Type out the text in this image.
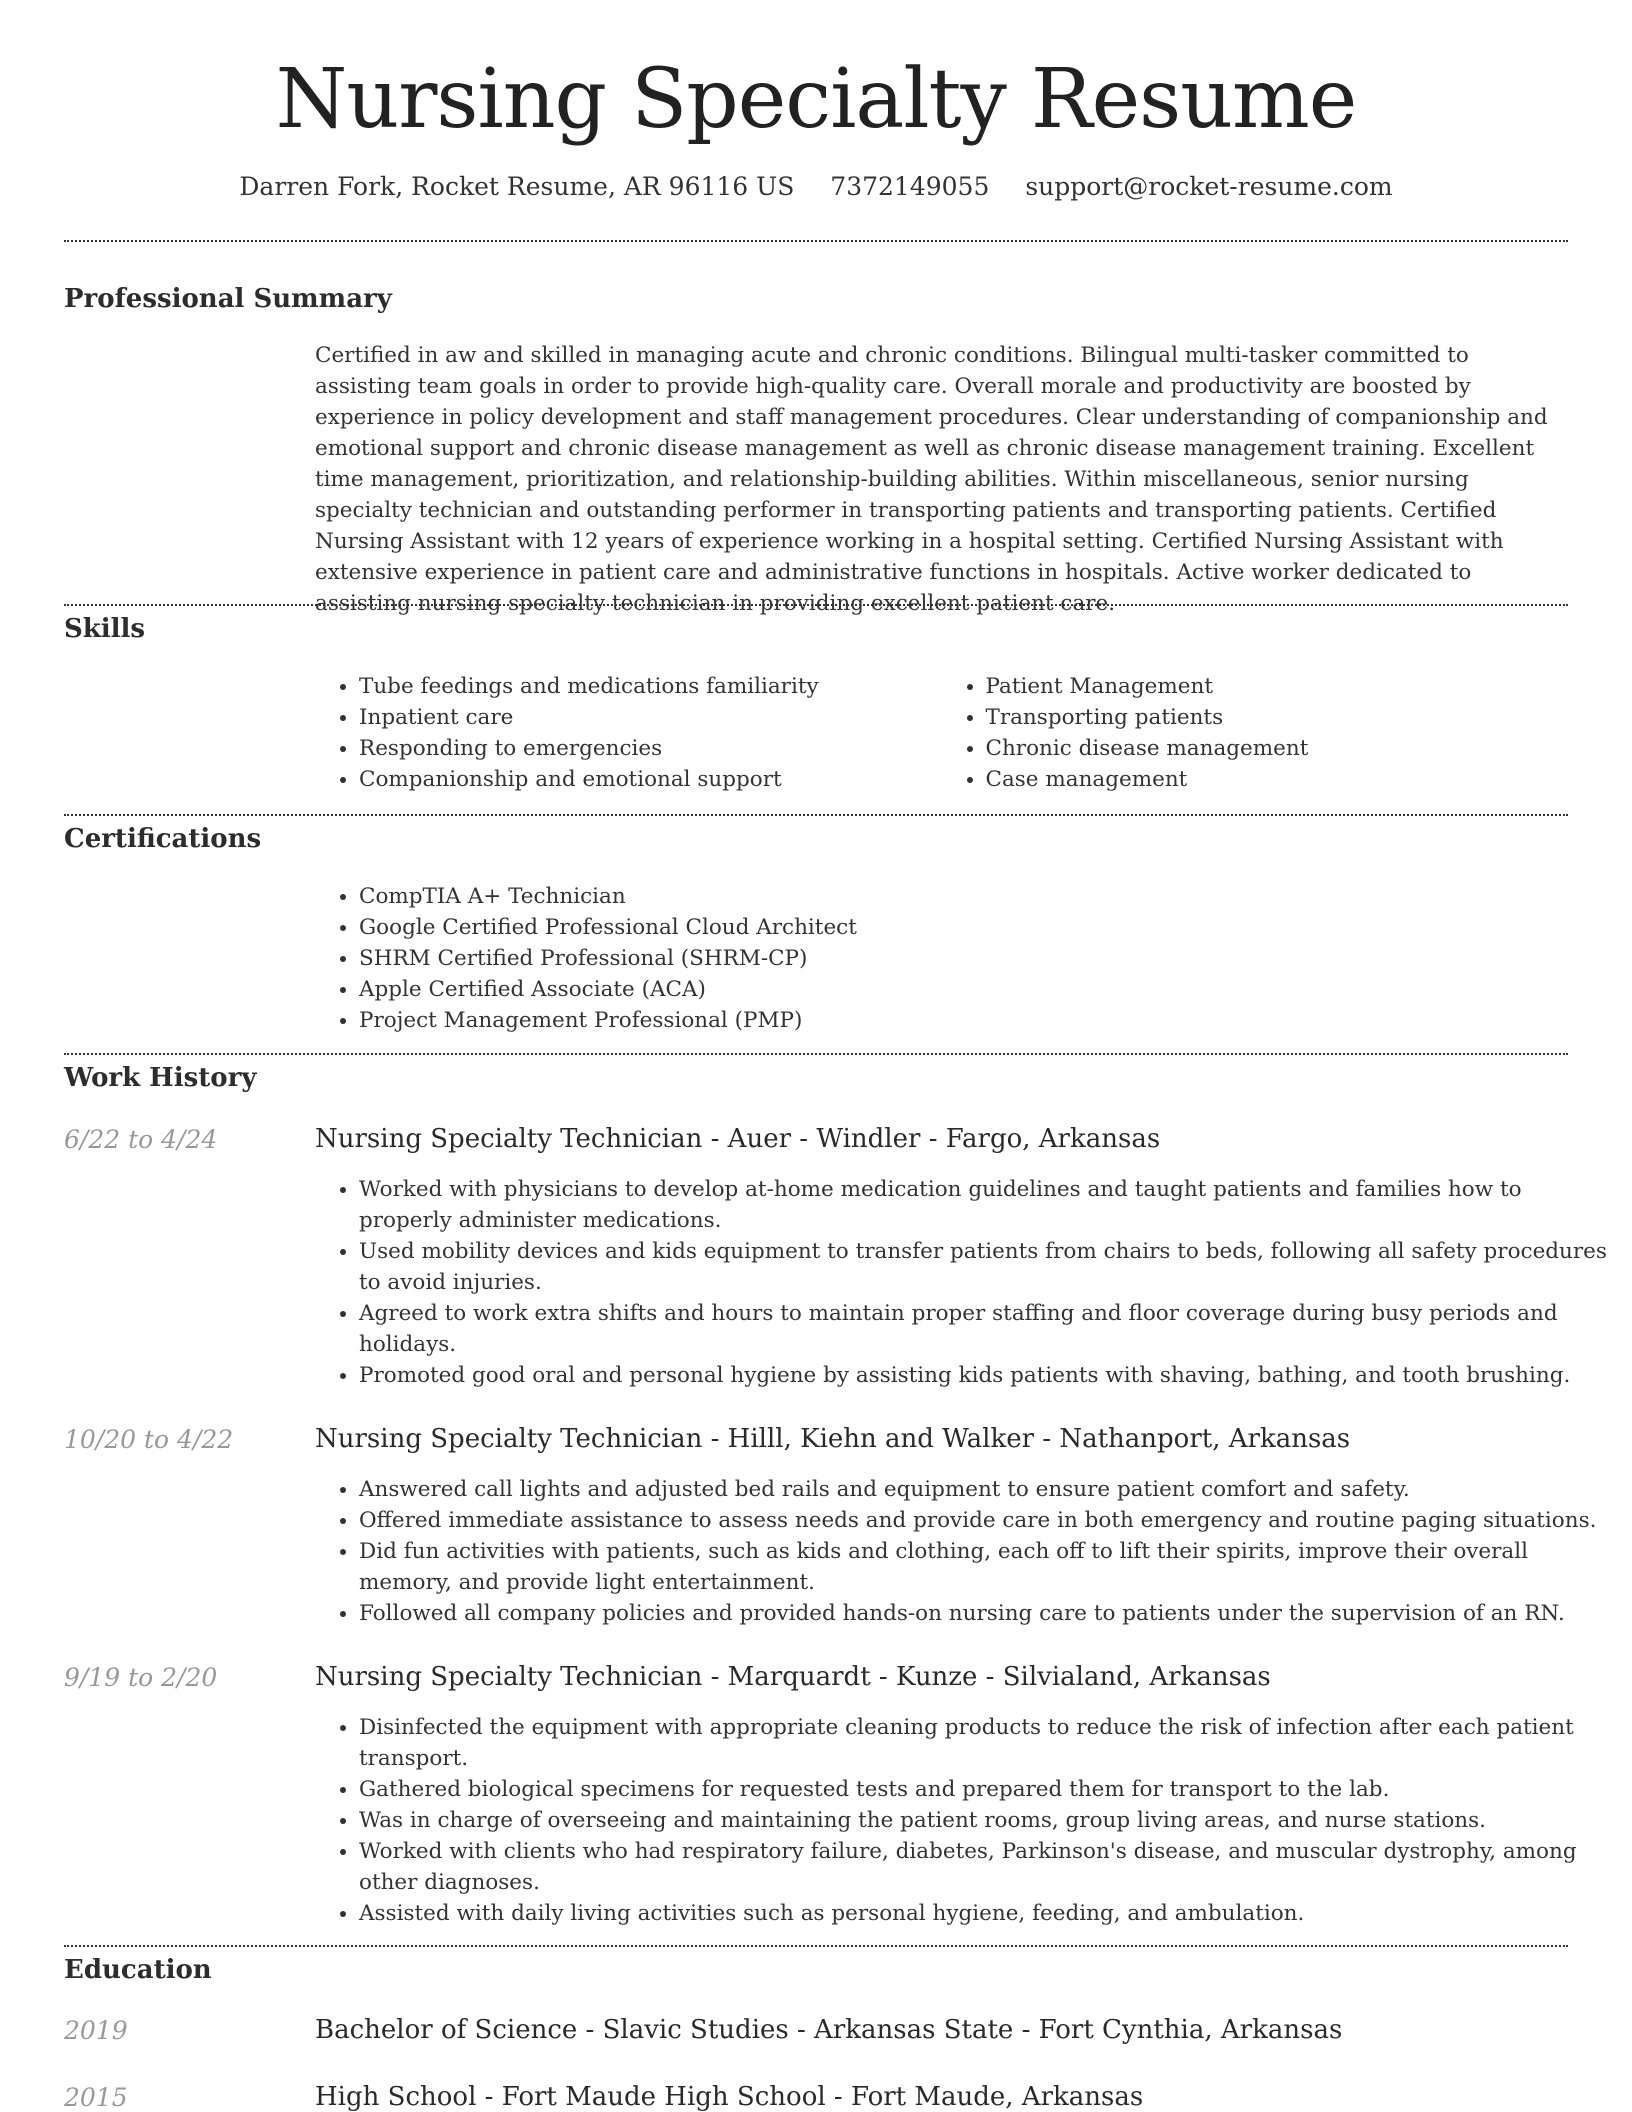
Nursing Specialty Resume
Darren Fork, Rocket Resume, AR 96116 US 7372149055 support@rocket-resume.com
Professional Summary

Certified in aw and skilled in managing acute and chronic conditions. Bilingual multi-tasker committed to assisting team goals in order to provide high-quality care. Overall morale and productivity are boosted by experience in policy development and staff management procedures. Clear understanding of companionship and emotional support and chronic disease management as well as chronic disease management training. Excellent time management, prioritization, and relationship-building abilities. Within miscellaneous, senior nursing specialty technician and outstanding performer in transporting patients and transporting patients. Certified Nursing Assistant with 12 years of experience working in a hospital setting. Certified Nursing Assistant with extensive experience in patient care and administrative functions in hospitals. Active worker dedicated to assisting nursing specialty technician in providing excellent patient care.

Skills
• Tube feedings and medications familiarity
• Inpatient care
• Responding to emergencies
• Companionship and emotional support
• Patient Management
• Transporting patients
• Chronic disease management
• Case management
Certifications
• CompTIA A+ Technician
• Google Certified Professional Cloud Architect
• SHRM Certified Professional (SHRM-CP)
• Apple Certified Associate (ACA)
• Project Management Professional (PMP)
Work History
6/22 to 4/24	Nursing Specialty Technician - Auer - Windler - Fargo, Arkansas
• Worked with physicians to develop at-home medication guidelines and taught patients and families how to properly administer medications.
• Used mobility devices and kids equipment to transfer patients from chairs to beds, following all safety procedures to avoid injuries.
• Agreed to work extra shifts and hours to maintain proper staffing and floor coverage during busy periods and holidays.
• Promoted good oral and personal hygiene by assisting kids patients with shaving, bathing, and tooth brushing.
10/20 to 4/22	Nursing Specialty Technician - Hilll, Kiehn and Walker - Nathanport, Arkansas
• Answered call lights and adjusted bed rails and equipment to ensure patient comfort and safety.
• Offered immediate assistance to assess needs and provide care in both emergency and routine paging situations.
• Did fun activities with patients, such as kids and clothing, each off to lift their spirits, improve their overall memory, and provide light entertainment.
• Followed all company policies and provided hands-on nursing care to patients under the supervision of an RN.
9/19 to 2/20	Nursing Specialty Technician - Marquardt - Kunze - Silvialand, Arkansas
• Disinfected the equipment with appropriate cleaning products to reduce the risk of infection after each patient transport.
• Gathered biological specimens for requested tests and prepared them for transport to the lab.
• Was in charge of overseeing and maintaining the patient rooms, group living areas, and nurse stations.
• Worked with clients who had respiratory failure, diabetes, Parkinson's disease, and muscular dystrophy, among other diagnoses.
• Assisted with daily living activities such as personal hygiene, feeding, and ambulation.
Education
2019	Bachelor of Science - Slavic Studies - Arkansas State - Fort Cynthia, Arkansas
2015	High School - Fort Maude High School - Fort Maude, Arkansas
